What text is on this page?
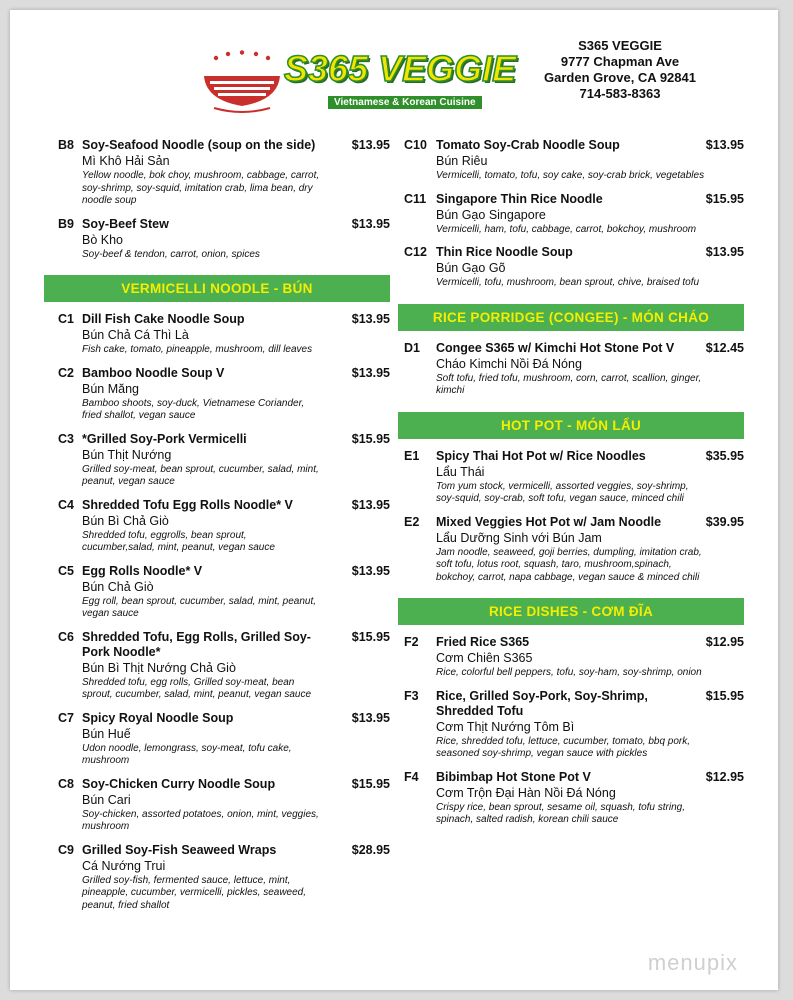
S365 VEGGIE
Vietnamese & Korean Cuisine
S365 VEGGIE
9777 Chapman Ave
Garden Grove, CA 92841
714-583-8363
B8 Soy-Seafood Noodle (soup on the side)	$13.95
Mì Khô Hải Sản
Yellow noodle, bok choy, mushroom, cabbage, carrot, soy-shrimp, soy-squid, imitation crab, lima bean, dry noodle soup
B9 Soy-Beef Stew	$13.95
Bò Kho
Soy-beef & tendon, carrot, onion, spices
VERMICELLI NOODLE - BÚN
C1 Dill Fish Cake Noodle Soup	$13.95
Bún Chả Cá Thì Là
Fish cake, tomato, pineapple, mushroom, dill leaves
C2 Bamboo Noodle Soup V	$13.95
Bún Măng
Bamboo shoots, soy-duck, Vietnamese Coriander, fried shallot, vegan sauce
C3 *Grilled Soy-Pork Vermicelli	$15.95
Bún Thịt Nướng
Grilled soy-meat, bean sprout, cucumber, salad, mint, peanut, vegan sauce
C4 Shredded Tofu Egg Rolls Noodle* V	$13.95
Bún Bì Chả Giò
Shredded tofu, eggrolls, bean sprout, cucumber,salad, mint, peanut, vegan sauce
C5 Egg Rolls Noodle* V	$13.95
Bún Chả Giò
Egg roll, bean sprout, cucumber, salad, mint, peanut, vegan sauce
C6 Shredded Tofu, Egg Rolls, Grilled Soy-Pork Noodle*
$15.95
Bún Bì Thịt Nướng Chả Giò
Shredded tofu, egg rolls, Grilled soy-meat, bean sprout, cucumber, salad, mint, peanut, vegan sauce
C7 Spicy Royal Noodle Soup	$13.95
Bún Huế
Udon noodle, lemongrass, soy-meat, tofu cake, mushroom
C8 Soy-Chicken Curry Noodle Soup	$15.95
Bún Cari
Soy-chicken, assorted potatoes, onion, mint, veggies, mushroom
C9 Grilled Soy-Fish Seaweed Wraps	$28.95
Cá Nướng Trui
Grilled soy-fish, fermented sauce, lettuce, mint, pineapple, cucumber, vermicelli, pickles, seaweed, peanut, fried shallot
C10 Tomato Soy-Crab Noodle Soup	$13.95
Bún Riêu
Vermicelli, tomato, tofu, soy cake, soy-crab brick, vegetables
C11 Singapore Thin Rice Noodle	$15.95
Bún Gạo Singapore
Vermicelli, ham, tofu, cabbage, carrot, bokchoy, mushroom
C12 Thin Rice Noodle Soup	$13.95
Bún Gạo Gõ
Vermicelli, tofu, mushroom, bean sprout, chive, braised tofu
RICE PORRIDGE (CONGEE) - MÓN CHÁO
D1	Congee S365 w/ Kimchi Hot Stone Pot V	$12.45
Cháo Kimchi Nồi Đá Nóng
Soft tofu, fried tofu, mushroom, corn, carrot, scallion, ginger, kimchi
HOT POT - MÓN LẨU
E1	Spicy Thai Hot Pot w/ Rice Noodles	$35.95
Lẩu Thái
Tom yum stock, vermicelli, assorted veggies, soy-shrimp, soy-squid, soy-crab, soft tofu, vegan sauce, minced chili
E2	Mixed Veggies Hot Pot w/ Jam Noodle	$39.95
Lẩu Dưỡng Sinh với Bún Jam
Jam noodle, seaweed, goji berries, dumpling, imitation crab, soft tofu, lotus root, squash, taro, mushroom,spinach, bokchoy, carrot, napa cabbage, vegan sauce & minced chili
RICE DISHES - CƠM ĐĨA
F2	Fried Rice S365	$12.95
Cơm Chiên S365
Rice, colorful bell peppers, tofu, soy-ham, soy-shrimp, onion
F3	Rice, Grilled Soy-Pork, Soy-Shrimp, Shredded Tofu
$15.95
Cơm Thịt Nướng Tôm Bì
Rice, shredded tofu, lettuce, cucumber, tomato, bbq pork, seasoned soy-shrimp, vegan sauce with pickles
F4	Bibimbap Hot Stone Pot V	$12.95
Cơm Trộn Đại Hàn Nồi Đá Nóng
Crispy rice, bean sprout, sesame oil, squash, tofu string, spinach, salted radish, korean chili sauce
menupix
